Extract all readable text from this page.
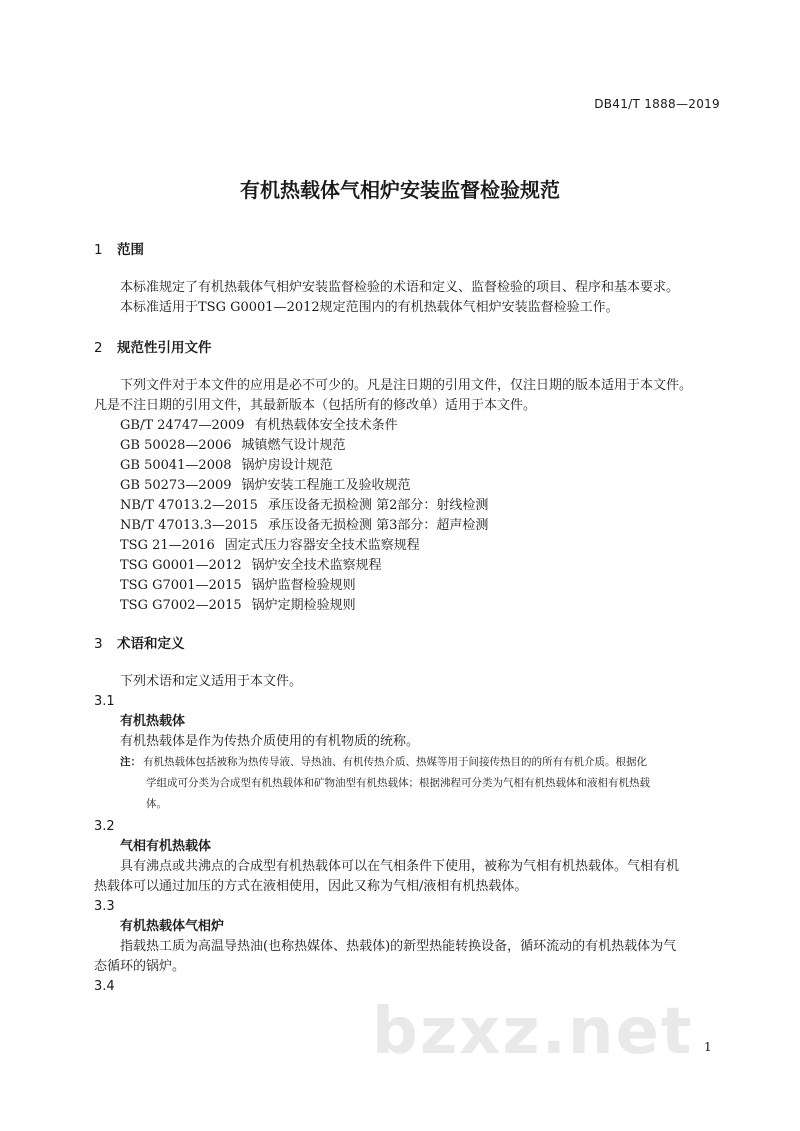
DB41/T 1888—2019
有机热载体气相炉安装监督检验规范
1 范围

本标准规定了有机热载体气相炉安装监督检验的术语和定义、监督检验的项目、程序和基本要求。

本标准适用于TSG G0001—2012规定范围内的有机热载体气相炉安装监督检验工作。

2 规范性引用文件

下列文件对于本文件的应用是必不可少的。凡是注日期的引用文件，仅注日期的版本适用于本文件。

凡是不注日期的引用文件，其最新版本（包括所有的修改单）适用于本文件。

GB/T 24747—2009 有机热载体安全技术条件
GB 50028—2006 城镇燃气设计规范
GB 50041—2008 锅炉房设计规范
GB 50273—2009 锅炉安装工程施工及验收规范
NB/T 47013.2—2015 承压设备无损检测 第2部分：射线检测
NB/T 47013.3—2015 承压设备无损检测 第3部分：超声检测
TSG 21—2016 固定式压力容器安全技术监察规程
TSG G0001—2012 锅炉安全技术监察规程
TSG G7001—2015 锅炉监督检验规则
TSG G7002—2015 锅炉定期检验规则
3 术语和定义

下列术语和定义适用于本文件。

3.1
有机热载体

有机热载体是作为传热介质使用的有机物质的统称。

注： 有机热载体包括被称为热传导液、导热油、有机传热介质、热媒等用于间接传热目的的所有有机介质。根据化
学组成可分类为合成型有机热载体和矿物油型有机热载体；根据沸程可分类为气相有机热载体和液相有机热载
体。
3.2
气相有机热载体

具有沸点或共沸点的合成型有机热载体可以在气相条件下使用，被称为气相有机热载体。气相有机

热载体可以通过加压的方式在液相使用，因此又称为气相/液相有机热载体。

3.3
有机热载体气相炉

指载热工质为高温导热油(也称热媒体、热载体)的新型热能转换设备，循环流动的有机热载体为气

态循环的锅炉。

3.4
bzxz.net 1
